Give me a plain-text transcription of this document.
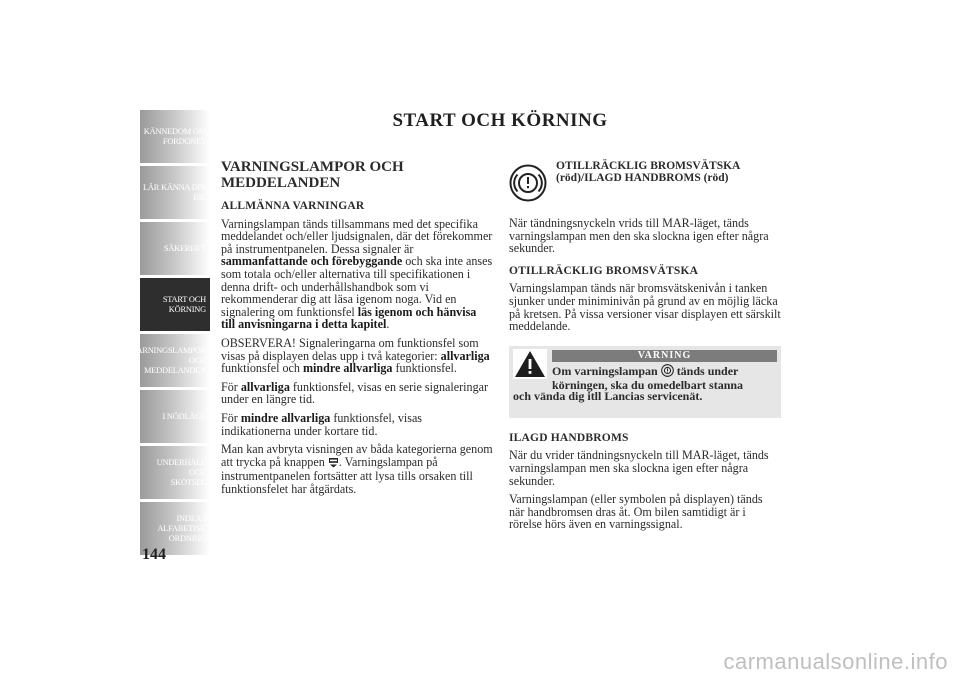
KÄNNEDOM OM
FORDONET
LÄR KÄNNA DIN
BIL
SÄKERHET
START OCH
KÖRNING
VARNINGSLAMPOR
OCH
MEDDELANDEN
I NÖDLÄGE
UNDERHÅLL OCH
SKÖTSEL
INDEX I
ALFABETISK
ORDNING
144
START OCH KÖRNING
VARNINGSLAMPOR OCH MEDDELANDEN
ALLMÄNNA VARNINGAR

Varningslampan tänds tillsammans med det specifika meddelandet och/eller ljudsignalen, där det förekommer på instrumentpanelen. Dessa signaler är sammanfattande och förebyggande och ska inte anses som totala och/eller alternativa till specifikationen i denna drift- och underhållshandbok som vi rekommenderar dig att läsa igenom noga. Vid en signalering om funktionsfel läs igenom och hänvisa till anvisningarna i detta kapitel.

OBSERVERA! Signaleringarna om funktionsfel som visas på displayen delas upp i två kategorier: allvarliga funktionsfel och mindre allvarliga funktionsfel.

För allvarliga funktionsfel, visas en serie signaleringar under en längre tid.

För mindre allvarliga funktionsfel, visas indikationerna under kortare tid.

Man kan avbryta visningen av båda kategorierna genom att trycka på knappen . Varningslampan på instrumentpanelen fortsätter att lysa tills orsaken till funktionsfelet har åtgärdats.

OTILLRÄCKLIG BROMSVÄTSKA (röd)/ILAGD HANDBROMS (röd)

När tändningsnyckeln vrids till MAR-läget, tänds varningslampan men den ska slockna igen efter några sekunder.

OTILLRÄCKLIG BROMSVÄTSKA

Varningslampan tänds när bromsvätskenivån i tanken sjunker under miniminivån på grund av en möjlig läcka på kretsen. På vissa versioner visar displayen ett särskilt meddelande.

VARNING
Om varningslampan  tänds under körningen, ska du omedelbart stanna
och vända dig itll Lancias servicenät.
ILAGD HANDBROMS

När du vrider tändningsnyckeln till MAR-läget, tänds varningslampan men ska slockna igen efter några sekunder.

Varningslampan (eller symbolen på displayen) tänds när handbromsen dras åt. Om bilen samtidigt är i rörelse hörs även en varningssignal.

carmanualsonline.info
